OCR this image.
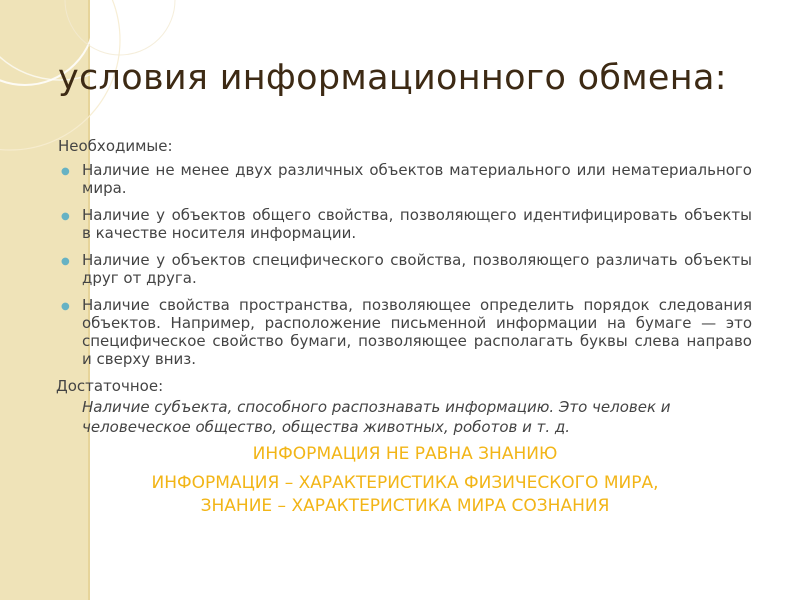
условия информационного обмена:

Необходимые:

● Наличие не менее двух различных объектов материального или нематериального мира.
● Наличие у объектов общего свойства, позволяющего идентифицировать объекты в качестве носителя информации.
● Наличие у объектов специфического свойства, позволяющего различать объекты друг от друга.
● Наличие свойства пространства, позволяющее определить порядок следования объектов. Например, расположение письменной информации на бумаге — это специфическое свойство бумаги, позволяющее располагать буквы слева направо и сверху вниз.

Достаточное:

Наличие субъекта, способного распознавать информацию. Это человек и человеческое общество, общества животных, роботов и т. д.

ИНФОРМАЦИЯ НЕ РАВНА ЗНАНИЮ

ИНФОРМАЦИЯ – ХАРАКТЕРИСТИКА ФИЗИЧЕСКОГО МИРА,
ЗНАНИЕ – ХАРАКТЕРИСТИКА МИРА СОЗНАНИЯ
